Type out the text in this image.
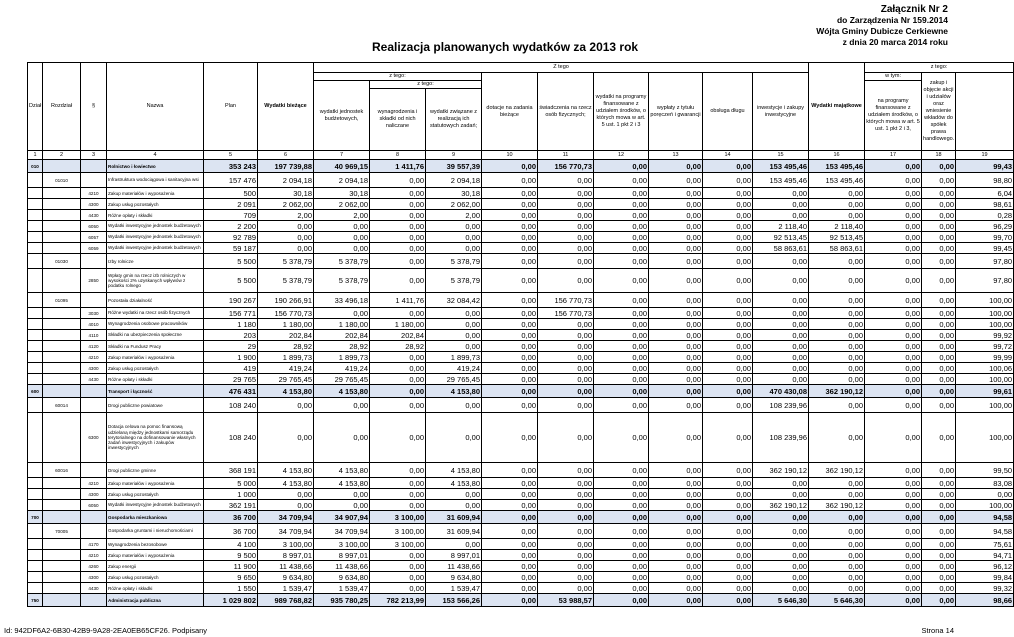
Załącznik Nr 2
do Zarządzenia Nr 159.2014
Wójta Gminy Dubicze Cerkiewne
z dnia 20 marca 2014 roku
Realizacja planowanych wydatków za 2013 rok
Dział	Rozdział	§	Nazwa	Plan	Wydatki bieżące	Z tego									Wydatki majątkowe	z tego:	
						z tego:			dotacje na zadania bieżące	świadczenia na rzecz osób fizycznych;	wydatki na programy finansowane z udziałem środków, o których mowa w art. 5 ust. 1 pkt 2 i 3	wypłaty z tytułu poręczeń i gwarancji	obsługa długu	inwestycje i zakupy inwestycyjne		w tym:	zakup i objęcie akcji i udziałów oraz wniesienie wkładów do spółek prawa handlowego.		
						wydatki jednostek budżetowych,	z tego:									na programy finansowane z udziałem środków, o których mowa w art. 5 ust. 1 pkt 2 i 3,			
							wynagrodzenia i składki od nich naliczane	wydatki związane z realizacją ich statutowych zadań;											
1	2	3	4	5	6	7	8	9	10	11	12	13	14	15	16	17	18	19	
010			Rolnictwo i łowiectwo	353 243	197 739,88	40 969,15	1 411,76	39 557,39	0,00	156 770,73	0,00	0,00	0,00	153 495,46	153 495,46	0,00	0,00	99,43	
	01010		Infrastruktura wodociągowa i sanitacyjna wsi	157 476	2 094,18	2 094,18	0,00	2 094,18	0,00	0,00	0,00	0,00	0,00	153 495,46	153 495,46	0,00	0,00	98,80	
		4210	Zakup materiałów i wyposażenia	500	30,18	30,18	0,00	30,18	0,00	0,00	0,00	0,00	0,00	0,00	0,00	0,00	0,00	6,04	
		4300	Zakup usług pozostałych	2 091	2 062,00	2 062,00	0,00	2 062,00	0,00	0,00	0,00	0,00	0,00	0,00	0,00	0,00	0,00	98,61	
		4430	Różne opłaty i składki	709	2,00	2,00	0,00	2,00	0,00	0,00	0,00	0,00	0,00	0,00	0,00	0,00	0,00	0,28	
		6050	Wydatki inwestycyjne jednostek budżetowych	2 200	0,00	0,00	0,00	0,00	0,00	0,00	0,00	0,00	0,00	2 118,40	2 118,40	0,00	0,00	96,29	
		6057	Wydatki inwestycyjne jednostek budżetowych	92 789	0,00	0,00	0,00	0,00	0,00	0,00	0,00	0,00	0,00	92 513,45	92 513,45	0,00	0,00	99,70	
		6059	Wydatki inwestycyjne jednostek budżetowych	59 187	0,00	0,00	0,00	0,00	0,00	0,00	0,00	0,00	0,00	58 863,61	58 863,61	0,00	0,00	99,45	
	01030		Izby rolnicze	5 500	5 378,79	5 378,79	0,00	5 378,79	0,00	0,00	0,00	0,00	0,00	0,00	0,00	0,00	0,00	97,80	
		2850	Wpłaty gmin na rzecz izb rolniczych w wysokości 2% uzyskanych wpływów z podatku rolnego	5 500	5 378,79	5 378,79	0,00	5 378,79	0,00	0,00	0,00	0,00	0,00	0,00	0,00	0,00	0,00	97,80	
	01095		Pozostała działalność	190 267	190 266,91	33 496,18	1 411,76	32 084,42	0,00	156 770,73	0,00	0,00	0,00	0,00	0,00	0,00	0,00	100,00	
		3030	Różne wydatki na rzecz osób fizycznych	156 771	156 770,73	0,00	0,00	0,00	0,00	156 770,73	0,00	0,00	0,00	0,00	0,00	0,00	0,00	100,00	
		4010	Wynagrodzenia osobowe pracowników	1 180	1 180,00	1 180,00	1 180,00	0,00	0,00	0,00	0,00	0,00	0,00	0,00	0,00	0,00	0,00	100,00	
		4110	Składki na ubezpieczenia społeczne	203	202,84	202,84	202,84	0,00	0,00	0,00	0,00	0,00	0,00	0,00	0,00	0,00	0,00	99,92	
		4120	Składki na Fundusz Pracy	29	28,92	28,92	28,92	0,00	0,00	0,00	0,00	0,00	0,00	0,00	0,00	0,00	0,00	99,72	
		4210	Zakup materiałów i wyposażenia	1 900	1 899,73	1 899,73	0,00	1 899,73	0,00	0,00	0,00	0,00	0,00	0,00	0,00	0,00	0,00	99,99	
		4300	Zakup usług pozostałych	419	419,24	419,24	0,00	419,24	0,00	0,00	0,00	0,00	0,00	0,00	0,00	0,00	0,00	100,06	
		4430	Różne opłaty i składki	29 765	29 765,45	29 765,45	0,00	29 765,45	0,00	0,00	0,00	0,00	0,00	0,00	0,00	0,00	0,00	100,00	
600			Transport i łączność	476 431	4 153,80	4 153,80	0,00	4 153,80	0,00	0,00	0,00	0,00	0,00	470 430,08	362 190,12	0,00	0,00	99,61	
	60014		Drogi publiczne powiatowe	108 240	0,00	0,00	0,00	0,00	0,00	0,00	0,00	0,00	0,00	108 239,96	0,00	0,00	0,00	100,00	
		6300	Dotacja celowa na pomoc finansową udzielaną między jednostkami samorządu terytorialnego na dofinansowanie własnych zadań inwestycyjnych i zakupów inwestycyjnych	108 240	0,00	0,00	0,00	0,00	0,00	0,00	0,00	0,00	0,00	108 239,96	0,00	0,00	0,00	100,00	
	60016		Drogi publiczne gminne	368 191	4 153,80	4 153,80	0,00	4 153,80	0,00	0,00	0,00	0,00	0,00	362 190,12	362 190,12	0,00	0,00	99,50	
		4210	Zakup materiałów i wyposażenia	5 000	4 153,80	4 153,80	0,00	4 153,80	0,00	0,00	0,00	0,00	0,00	0,00	0,00	0,00	0,00	83,08	
		4300	Zakup usług pozostałych	1 000	0,00	0,00	0,00	0,00	0,00	0,00	0,00	0,00	0,00	0,00	0,00	0,00	0,00	0,00	
		6050	Wydatki inwestycyjne jednostek budżetowych	362 191	0,00	0,00	0,00	0,00	0,00	0,00	0,00	0,00	0,00	362 190,12	362 190,12	0,00	0,00	100,00	
700			Gospodarka mieszkaniowa	36 700	34 709,94	34 907,94	3 100,00	31 609,94	0,00	0,00	0,00	0,00	0,00	0,00	0,00	0,00	0,00	94,58	
	70005		Gospodarka gruntami i nieruchomościami	36 700	34 709,94	34 709,94	3 100,00	31 609,94	0,00	0,00	0,00	0,00	0,00	0,00	0,00	0,00	0,00	94,58	
		4170	Wynagrodzenia bezosobowe	4 100	3 100,00	3 100,00	3 100,00	0,00	0,00	0,00	0,00	0,00	0,00	0,00	0,00	0,00	0,00	75,61	
		4210	Zakup materiałów i wyposażenia	9 500	8 997,01	8 997,01	0,00	8 997,01	0,00	0,00	0,00	0,00	0,00	0,00	0,00	0,00	0,00	94,71	
		4260	Zakup energii	11 900	11 438,66	11 438,66	0,00	11 438,66	0,00	0,00	0,00	0,00	0,00	0,00	0,00	0,00	0,00	96,12	
		4300	Zakup usług pozostałych	9 650	9 634,80	9 634,80	0,00	9 634,80	0,00	0,00	0,00	0,00	0,00	0,00	0,00	0,00	0,00	99,84	
		4430	Różne opłaty i składki	1 550	1 539,47	1 539,47	0,00	1 539,47	0,00	0,00	0,00	0,00	0,00	0,00	0,00	0,00	0,00	99,32	
750			Administracja publiczna	1 029 802	989 768,82	935 780,25	782 213,99	153 566,26	0,00	53 988,57	0,00	0,00	0,00	5 646,30	5 646,30	0,00	0,00	98,66	
Id: 942DF6A2-6B30-42B9-9A28-2EA0EB65CF26. Podpisany	Strona 14
